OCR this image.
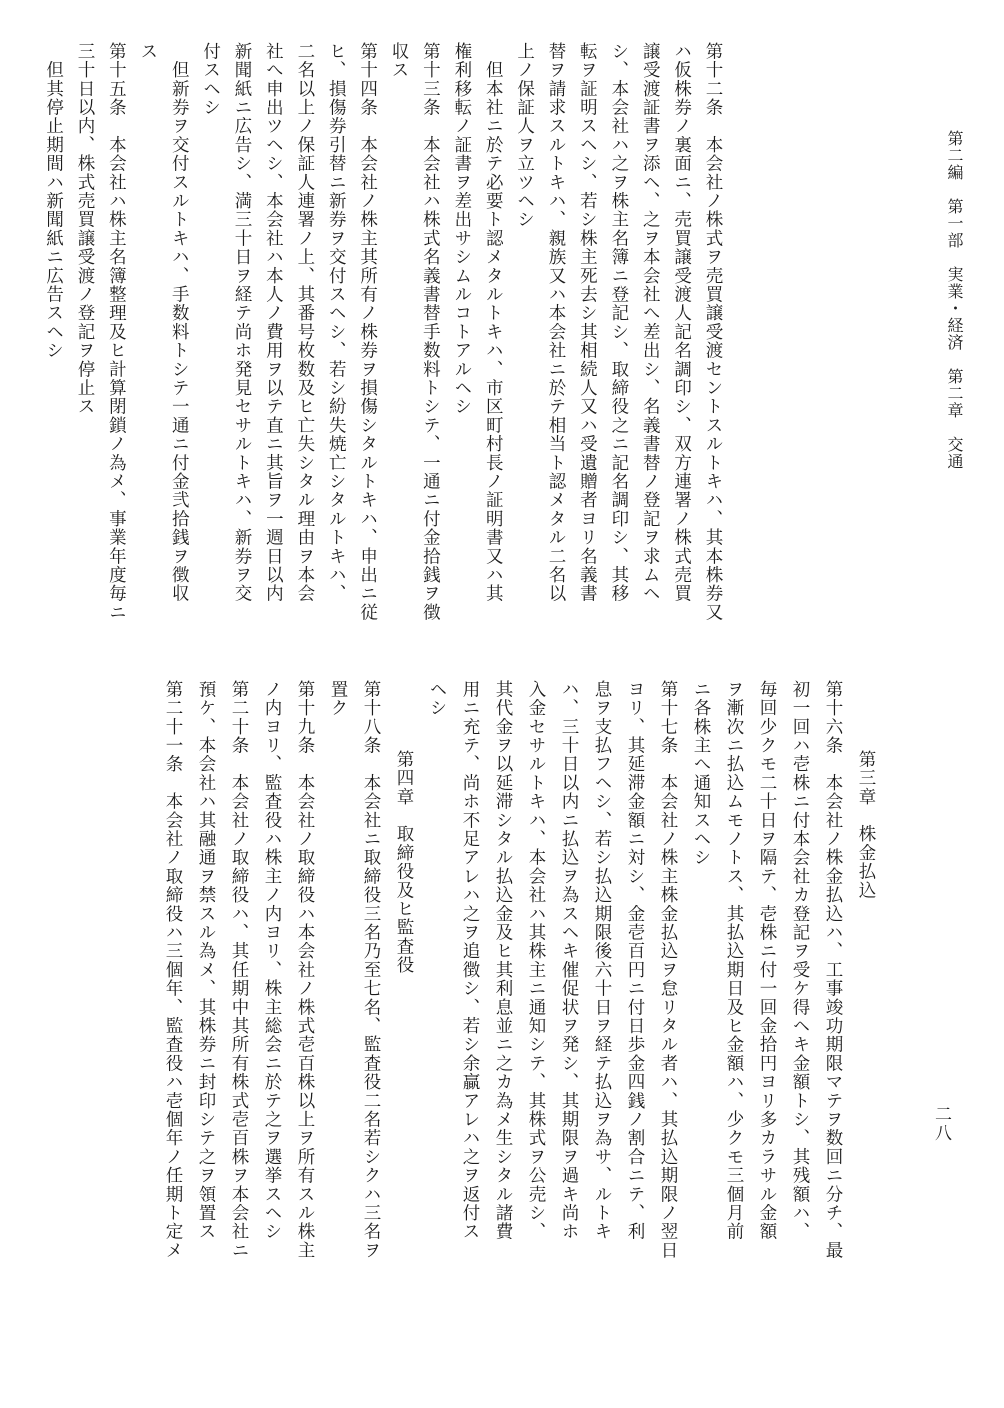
第二編　第一部　実業・経済　第二章　交通
二八
第十二条　本会社ノ株式ヲ売買譲受渡セントスルトキハ、其本株券又
ハ仮株券ノ裏面ニ、売買譲受渡人記名調印シ、双方連署ノ株式売買
譲受渡証書ヲ添ヘ、之ヲ本会社へ差出シ、名義書替ノ登記ヲ求ムヘ
シ、本会社ハ之ヲ株主名簿ニ登記シ、取締役之ニ記名調印シ、其移
転ヲ証明スヘシ、若シ株主死去シ其相続人又ハ受遺贈者ヨリ名義書
替ヲ請求スルトキハ、親族又ハ本会社ニ於テ相当ト認メタル二名以
上ノ保証人ヲ立ツヘシ
　但本社ニ於テ必要ト認メタルトキハ、市区町村長ノ証明書又ハ其
権利移転ノ証書ヲ差出サシムルコトアルヘシ
第十三条　本会社ハ株式名義書替手数料トシテ、一通ニ付金拾銭ヲ徴
収ス
第十四条　本会社ノ株主其所有ノ株券ヲ損傷シタルトキハ、申出ニ従
ヒ、損傷券引替ニ新券ヲ交付スヘシ、若シ紛失焼亡シタルトキハ、
二名以上ノ保証人連署ノ上、其番号枚数及ヒ亡失シタル理由ヲ本会
社へ申出ツヘシ、本会社ハ本人ノ費用ヲ以テ直ニ其旨ヲ一週日以内
新聞紙ニ広告シ、満三十日ヲ経テ尚ホ発見セサルトキハ、新券ヲ交
付スヘシ
　但新券ヲ交付スルトキハ、手数料トシテ一通ニ付金弐拾銭ヲ徴収
ス
第十五条　本会社ハ株主名簿整理及ヒ計算閉鎖ノ為メ、事業年度毎ニ
三十日以内、株式売買譲受渡ノ登記ヲ停止ス
　但其停止期間ハ新聞紙ニ広告スヘシ
第三章　株金払込
第十六条　本会社ノ株金払込ハ、工事竣功期限マテヲ数回ニ分チ、最
初一回ハ壱株ニ付本会社カ登記ヲ受ケ得ヘキ金額トシ、其残額ハ、
毎回少クモ二十日ヲ隔テ、壱株ニ付一回金拾円ヨリ多カラサル金額
ヲ漸次ニ払込ムモノトス、其払込期日及ヒ金額ハ、少クモ三個月前
ニ各株主へ通知スヘシ
第十七条　本会社ノ株主株金払込ヲ怠リタル者ハ、其払込期限ノ翌日
ヨリ、其延滞金額ニ対シ、金壱百円ニ付日歩金四銭ノ割合ニテ、利
息ヲ支払フヘシ、若シ払込期限後六十日ヲ経テ払込ヲ為サ、ルトキ
ハ、三十日以内ニ払込ヲ為スヘキ催促状ヲ発シ、其期限ヲ過キ尚ホ
入金セサルトキハ、本会社ハ其株主ニ通知シテ、其株式ヲ公売シ、
其代金ヲ以延滞シタル払込金及ヒ其利息並ニ之カ為メ生シタル諸費
用ニ充テ、尚ホ不足アレハ之ヲ追徴シ、若シ余贏アレハ之ヲ返付ス
ヘシ
第四章　取締役及ヒ監査役
第十八条　本会社ニ取締役三名乃至七名、監査役二名若シクハ三名ヲ
置ク
第十九条　本会社ノ取締役ハ本会社ノ株式壱百株以上ヲ所有スル株主
ノ内ヨリ、監査役ハ株主ノ内ヨリ、株主総会ニ於テ之ヲ選挙スヘシ
第二十条　本会社ノ取締役ハ、其任期中其所有株式壱百株ヲ本会社ニ
預ケ、本会社ハ其融通ヲ禁スル為メ、其株券ニ封印シテ之ヲ領置ス
第二十一条　本会社ノ取締役ハ三個年、監査役ハ壱個年ノ任期ト定メ
